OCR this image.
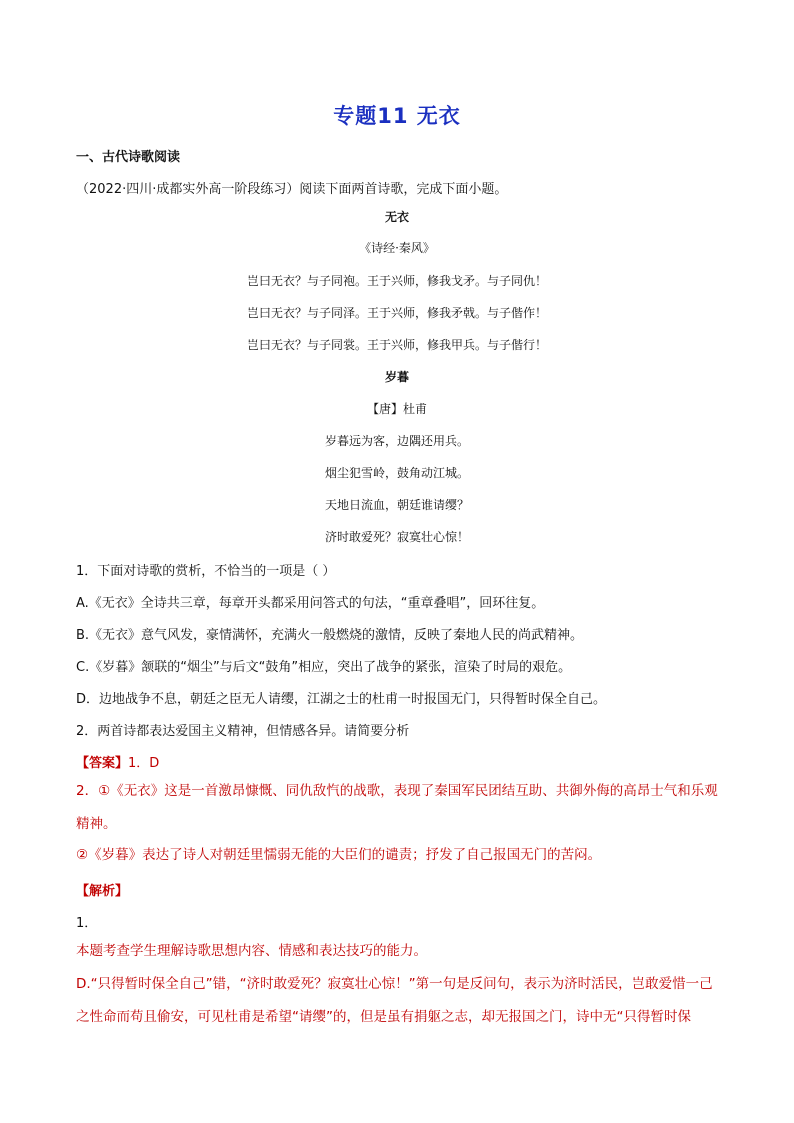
专题11 无衣
一、古代诗歌阅读
（2022·四川·成都实外高一阶段练习）阅读下面两首诗歌，完成下面小题。
无衣
《诗经·秦风》
岂曰无衣？与子同袍。王于兴师，修我戈矛。与子同仇！
岂曰无衣？与子同泽。王于兴师，修我矛戟。与子偕作！
岂曰无衣？与子同裳。王于兴师，修我甲兵。与子偕行！
岁暮
【唐】杜甫
岁暮远为客，边隅还用兵。
烟尘犯雪岭，鼓角动江城。
天地日流血，朝廷谁请缨？
济时敢爱死？寂寞壮心惊！
1．下面对诗歌的赏析，不恰当的一项是（ ）
A.《无衣》全诗共三章，每章开头都采用问答式的句法，“重章叠唱”，回环往复。
B.《无衣》意气风发，豪情满怀，充满火一般燃烧的激情，反映了秦地人民的尚武精神。
C.《岁暮》颔联的“烟尘”与后文“鼓角”相应，突出了战争的紧张，渲染了时局的艰危。
D．边地战争不息，朝廷之臣无人请缨，江湖之士的杜甫一时报国无门，只得暂时保全自己。
2．两首诗都表达爱国主义精神，但情感各异。请简要分析
【答案】1．D
2．①《无衣》这是一首激昂慷慨、同仇敌忾的战歌，表现了秦国军民团结互助、共御外侮的高昂士气和乐观精神。
②《岁暮》表达了诗人对朝廷里懦弱无能的大臣们的谴责；抒发了自己报国无门的苦闷。
【解析】
1．
本题考查学生理解诗歌思想内容、情感和表达技巧的能力。
D.“只得暂时保全自己”错，“济时敢爱死？寂寞壮心惊！”第一句是反问句，表示为济时活民，岂敢爱惜一己之性命而苟且偷安，可见杜甫是希望“请缨”的，但是虽有捐躯之志，却无报国之门，诗中无“只得暂时保
